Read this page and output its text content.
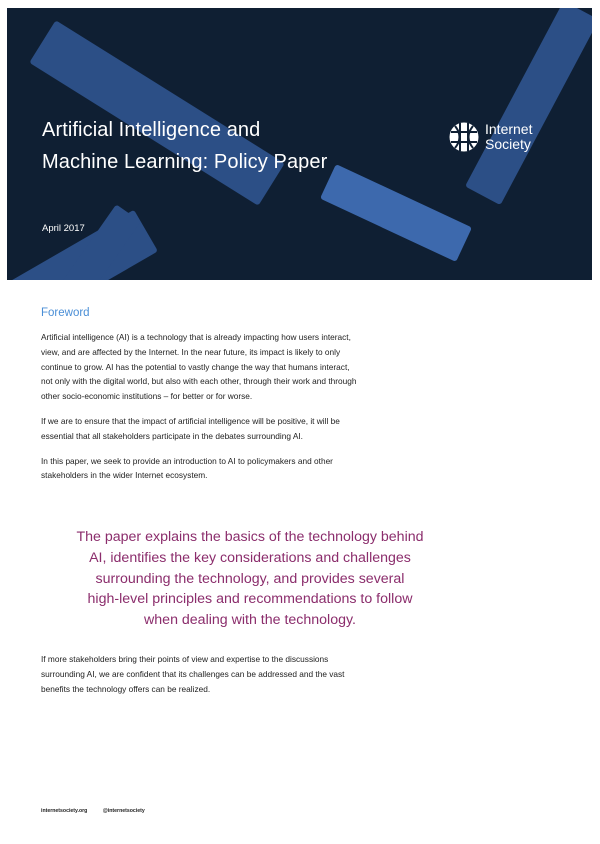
Artificial Intelligence and
Machine Learning: Policy Paper
April 2017
Internet
Society
Foreword

Artificial intelligence (AI) is a technology that is already impacting how users interact,
view, and are affected by the Internet. In the near future, its impact is likely to only
continue to grow. AI has the potential to vastly change the way that humans interact,
not only with the digital world, but also with each other, through their work and through
other socio-economic institutions – for better or for worse.

If we are to ensure that the impact of artificial intelligence will be positive, it will be
essential that all stakeholders participate in the debates surrounding AI.

In this paper, we seek to provide an introduction to AI to policymakers and other
stakeholders in the wider Internet ecosystem.

The paper explains the basics of the technology behind
AI, identifies the key considerations and challenges
surrounding the technology, and provides several
high-level principles and recommendations to follow
when dealing with the technology.

If more stakeholders bring their points of view and expertise to the discussions
surrounding AI, we are confident that its challenges can be addressed and the vast
benefits the technology offers can be realized.

internetsociety.org	@internetsociety
